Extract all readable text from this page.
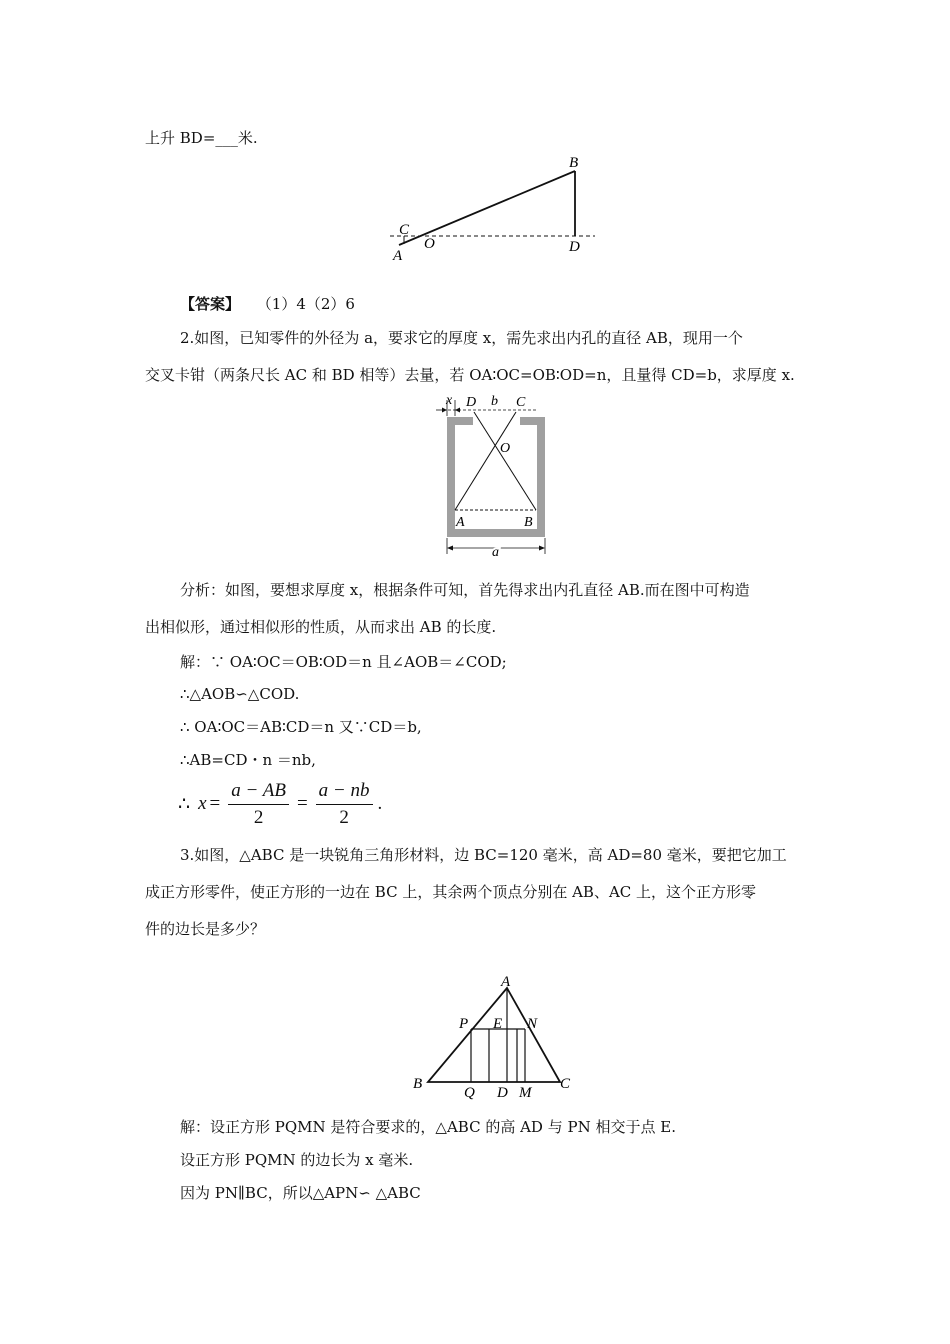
上升 BD=___米.
B
C
O
A
D
【答案】 （1）4（2）6
2.如图，已知零件的外径为 a，要求它的厚度 x，需先求出内孔的直径 AB，现用一个
交叉卡钳（两条尺长 AC 和 BD 相等）去量，若 OA∶OC=OB∶OD=n，且量得 CD=b，求厚度 x.
x D b C
O
A	B
a
分析：如图，要想求厚度 x，根据条件可知，首先得求出内孔直径 AB.而在图中可构造
出相似形，通过相似形的性质，从而求出 AB 的长度.
解：∵ OA∶OC＝OB∶OD＝n 且∠AOB＝∠COD;
∴△AOB∽△COD.
∴ OA∶OC＝AB∶CD＝n 又∵CD＝b,
∴AB=CD・n ＝nb,
∴ $x = \frac{a - AB}{2} = \frac{a - nb}{2}$ .
3.如图，△ABC 是一块锐角三角形材料，边 BC=120 毫米，高 AD=80 毫米，要把它加工
成正方形零件，使正方形的一边在 BC 上，其余两个顶点分别在 AB、AC 上，这个正方形零
件的边长是多少？
A
P E N
B
Q D M
C
解：设正方形 PQMN 是符合要求的，△ABC 的高 AD 与 PN 相交于点 E.
设正方形 PQMN 的边长为 x 毫米.
因为 PN∥BC，所以△APN∽ △ABC
